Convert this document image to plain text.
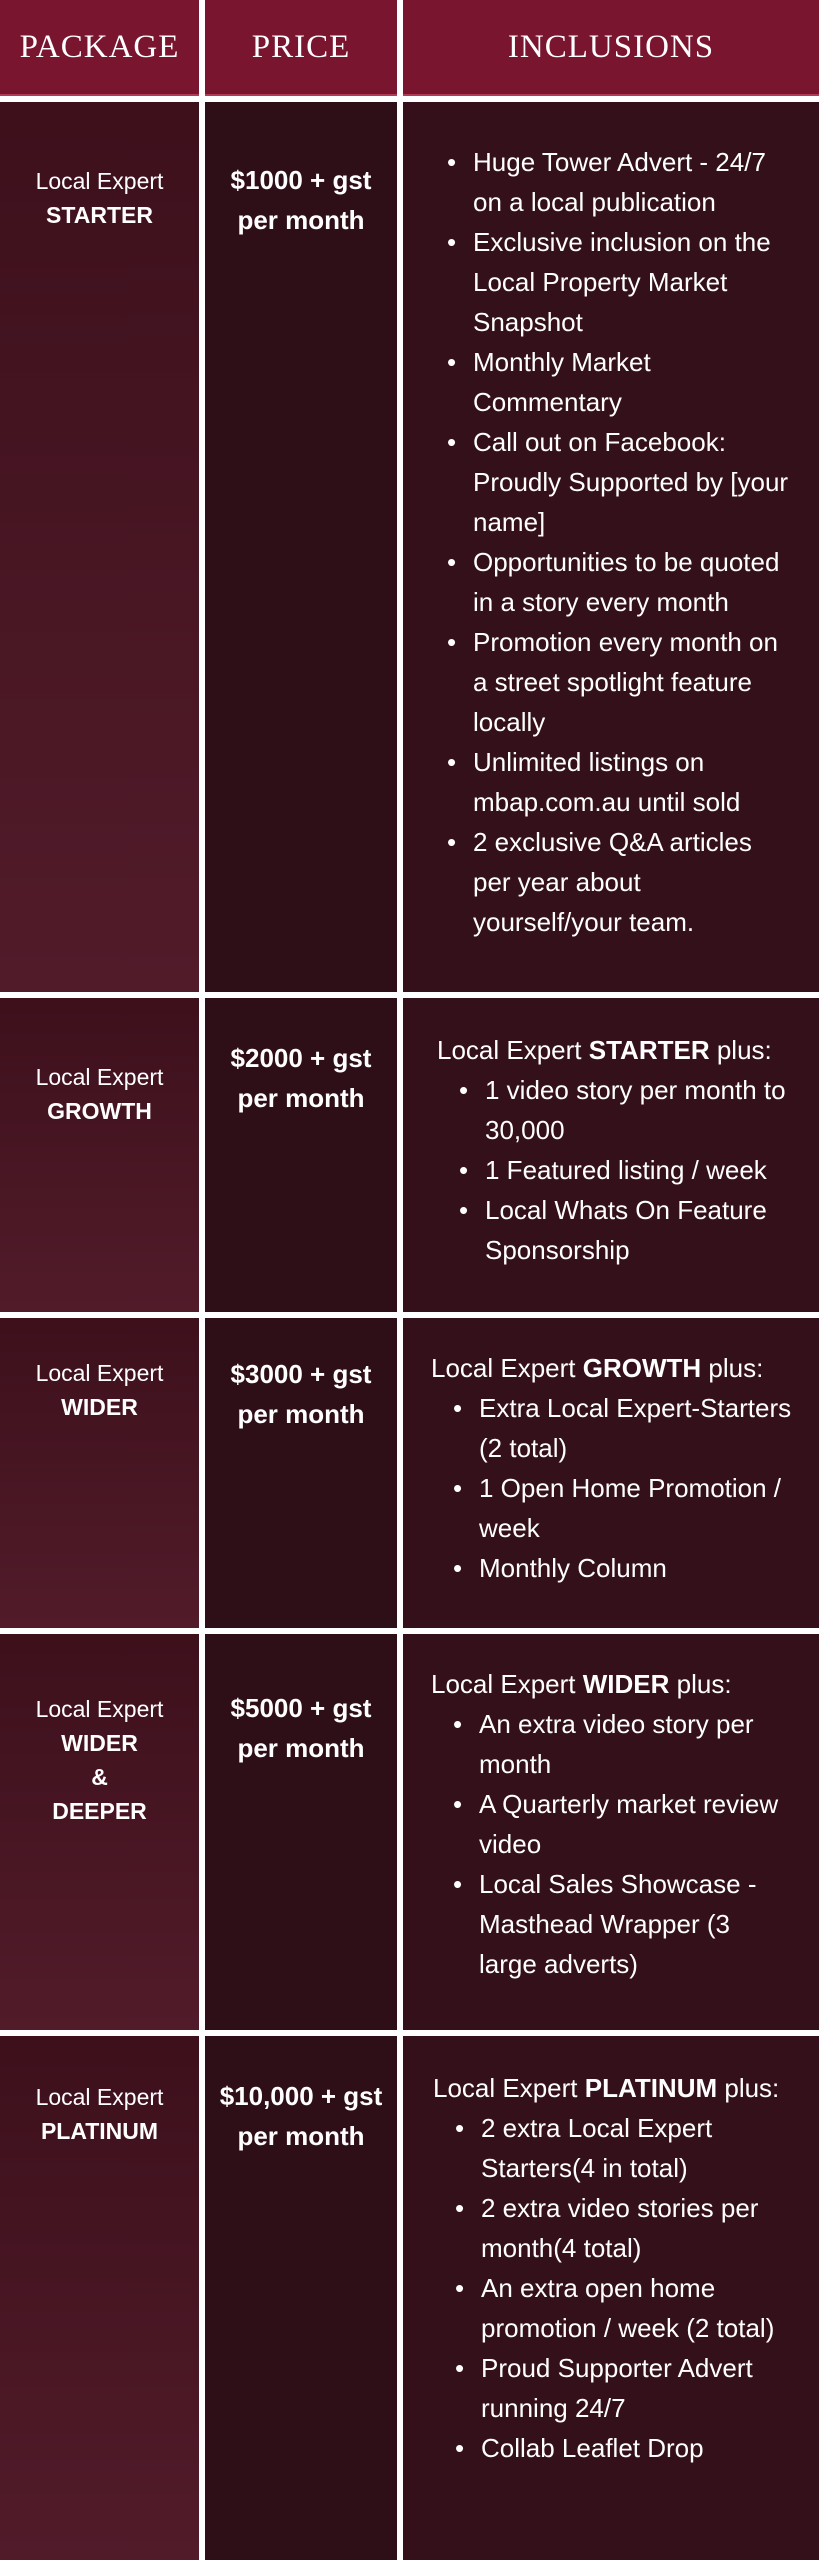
PACKAGE	PRICE	INCLUSIONS
Local Expert
STARTER
$1000 + gst
per month
• Huge Tower Advert - 24/7 on a local publication
• Exclusive inclusion on the Local Property Market Snapshot
• Monthly Market Commentary
• Call out on Facebook: Proudly Supported by [your name]
• Opportunities to be quoted in a story every month
• Promotion every month on a street spotlight feature locally
• Unlimited listings on mbap.com.au until sold
• 2 exclusive Q&A articles per year about yourself/your team.
Local Expert
GROWTH
$2000 + gst
per month
Local Expert STARTER plus:
• 1 video story per month to 30,000
• 1 Featured listing / week
• Local Whats On Feature Sponsorship
Local Expert
WIDER
$3000 + gst
per month
Local Expert GROWTH plus:
• Extra Local Expert-Starters (2 total)
• 1 Open Home Promotion / week
• Monthly Column
Local Expert
WIDER & DEEPER
$5000 + gst
per month
Local Expert WIDER plus:
• An extra video story per month
• A Quarterly market review video
• Local Sales Showcase - Masthead Wrapper (3 large adverts)
Local Expert
PLATINUM
$10,000 + gst
per month
Local Expert PLATINUM plus:
• 2 extra Local Expert Starters(4 in total)
• 2 extra video stories per month(4 total)
• An extra open home promotion / week (2 total)
• Proud Supporter Advert running 24/7
• Collab Leaflet Drop
